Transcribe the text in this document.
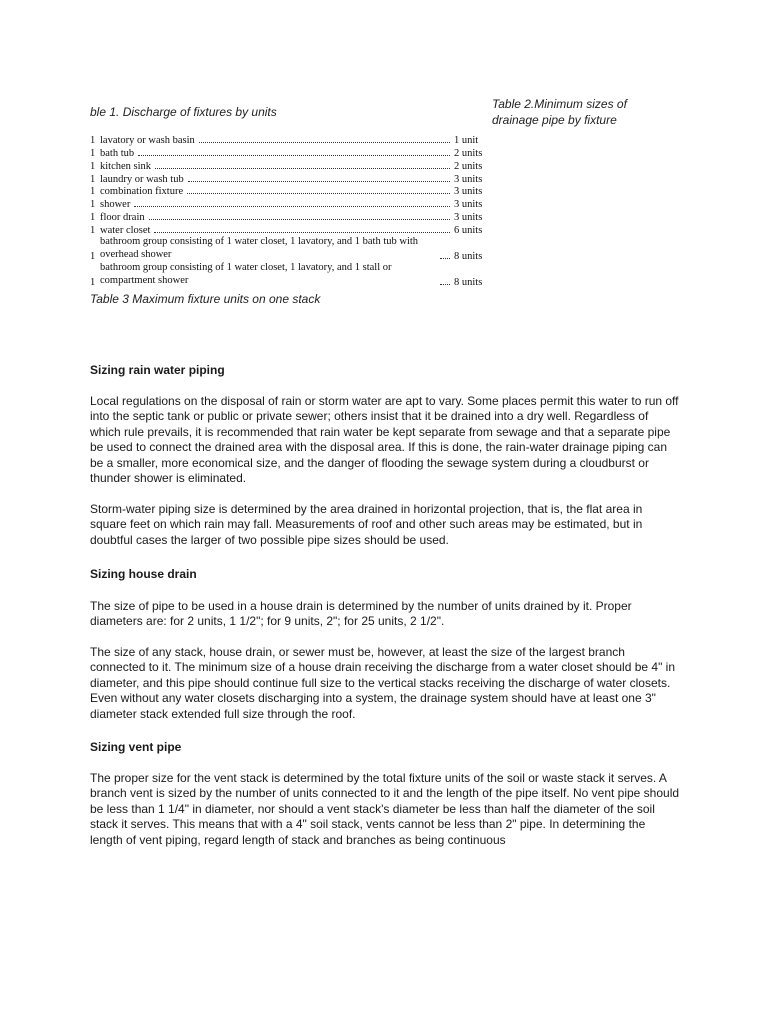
ble 1. Discharge of fixtures by units
Table 2.Minimum sizes of
drainage pipe by fixture
1 lavatory or wash basin	1 unit
1 bath tub	2 units
1 kitchen sink	2 units
1 laundry or wash tub	3 units
1 combination fixture	3 units
1 shower	3 units
1 floor drain	3 units
1 water closet	6 units
1
bathroom group consisting of 1 water closet, 1 lavatory, and 1 bath tub with overhead shower	8 units
1
bathroom group consisting of 1 water closet, 1 lavatory, and 1 stall or compartment shower	8 units
Table 3 Maximum fixture units on one stack
Sizing rain water piping

Local regulations on the disposal of rain or storm water are apt to vary. Some places permit this water to run off into the septic tank or public or private sewer; others insist that it be drained into a dry well. Regardless of which rule prevails, it is recommended that rain water be kept separate from sewage and that a separate pipe be used to connect the drained area with the disposal area. If this is done, the rain-water drainage piping can be a smaller, more economical size, and the danger of flooding the sewage system during a cloudburst or thunder shower is eliminated.

Storm-water piping size is determined by the area drained in horizontal projection, that is, the flat area in square feet on which rain may fall. Measurements of roof and other such areas may be estimated, but in doubtful cases the larger of two possible pipe sizes should be used.

Sizing house drain

The size of pipe to be used in a house drain is determined by the number of units drained by it. Proper diameters are: for 2 units, 1 1/2"; for 9 units, 2"; for 25 units, 2 1/2".

The size of any stack, house drain, or sewer must be, however, at least the size of the largest branch connected to it. The minimum size of a house drain receiving the discharge from a water closet should be 4" in diameter, and this pipe should continue full size to the vertical stacks receiving the discharge of water closets. Even without any water closets discharging into a system, the drainage system should have at least one 3" diameter stack extended full size through the roof.

Sizing vent pipe

The proper size for the vent stack is determined by the total fixture units of the soil or waste stack it serves. A branch vent is sized by the number of units connected to it and the length of the pipe itself. No vent pipe should be less than 1 1/4" in diameter, nor should a vent stack's diameter be less than half the diameter of the soil stack it serves. This means that with a 4" soil stack, vents cannot be less than 2" pipe. In determining the length of vent piping, regard length of stack and branches as being continuous
